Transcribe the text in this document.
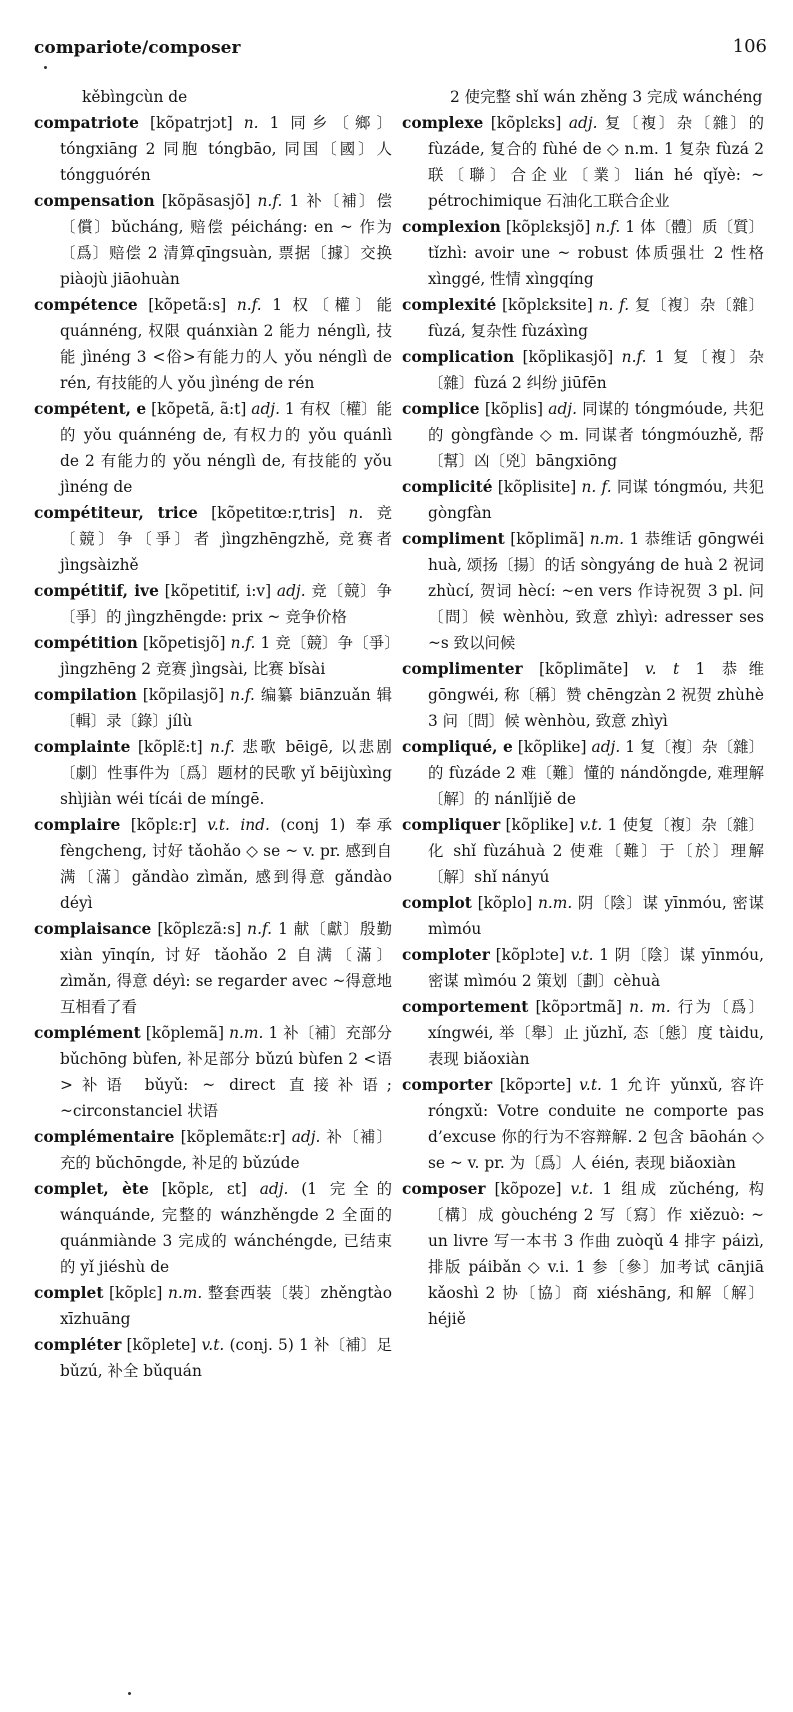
compariote/composer	106

kěbìngcùn de

compatriote [kõpatrjɔt] n. 1 同乡〔鄉〕tóngxiāng 2 同胞 tóngbāo, 同国〔國〕人 tóngguórén

compensation [kõpãsasjõ] n.f. 1 补〔補〕偿〔償〕bǔcháng, 赔偿 péicháng: en ~ 作为〔爲〕赔偿 2 清算qīngsuàn, 票据〔據〕交换 piàojù jiāohuàn

compétence [kõpetã:s] n.f. 1 权〔權〕能 quánnéng, 权限 quánxiàn 2 能力 nénglì, 技能 jìnéng 3 <俗>有能力的人 yǒu nénglì de rén, 有技能的人 yǒu jìnéng de rén

compétent, e [kõpetã, ã:t] adj. 1 有权〔權〕能的 yǒu quánnéng de, 有权力的 yǒu quánlì de 2 有能力的 yǒu nénglì de, 有技能的 yǒu jìnéng de

compétiteur, trice [kõpetitœ:r,tris] n. 竞〔競〕争〔爭〕者 jìngzhēngzhě, 竞赛者 jìngsàizhě

compétitif, ive [kõpetitif, i:v] adj. 竞〔競〕争〔爭〕的 jìngzhēngde: prix ~ 竞争价格

compétition [kõpetisjõ] n.f. 1 竞〔競〕争〔爭〕jìngzhēng 2 竞赛 jìngsài, 比赛 bǐsài

compilation [kõpilasjõ] n.f. 编纂 biānzuǎn 辑〔輯〕录〔錄〕jílù

complainte [kõplɛ̃:t] n.f. 悲歌 bēigē, 以悲剧〔劇〕性事件为〔爲〕题材的民歌 yǐ bēijùxìng shìjiàn wéi tícái de míngē.

complaire [kõplɛ:r] v.t. ind. (conj 1) 奉承 fèngcheng, 讨好 tǎohǎo ◇ se ~ v. pr. 感到自满〔滿〕gǎndào zìmǎn, 感到得意 gǎndào déyì

complaisance [kõplɛzã:s] n.f. 1 献〔獻〕殷勤 xiàn yīnqín, 讨好 tǎohǎo 2 自满〔滿〕zìmǎn, 得意 déyì: se regarder avec ~得意地互相看了看

complément [kõplemã] n.m. 1 补〔補〕充部分 bǔchōng bùfen, 补足部分 bǔzú bùfen 2 <语>补语 bǔyǔ: ~ direct 直接补语; ~circonstanciel 状语

complémentaire [kõplemãtɛ:r] adj. 补〔補〕充的 bǔchōngde, 补足的 bǔzúde

complet, ète [kõplɛ, ɛt] adj. (1 完全的 wánquánde, 完整的 wánzhěngde 2 全面的 quánmiànde 3 完成的 wánchéngde, 已结束的 yǐ jiéshù de

complet [kõplɛ] n.m. 整套西装〔裝〕zhěngtào xīzhuāng

compléter [kõplete] v.t. (conj. 5) 1 补〔補〕足 bǔzú, 补全 bǔquán

2 使完整 shǐ wán zhěng 3 完成 wánchéng

complexe [kõplɛks] adj. 复〔複〕杂〔雜〕的 fùzáde, 复合的 fùhé de ◇ n.m. 1 复杂 fùzá 2 联〔聯〕合企业〔業〕lián hé qǐyè: ~ pétrochimique 石油化工联合企业

complexion [kõplɛksjõ] n.f. 1 体〔體〕质〔質〕tǐzhì: avoir une ~ robust 体质强壮 2 性格 xìnggé, 性情 xìngqíng

complexité [kõplɛksite] n. f. 复〔複〕杂〔雜〕fùzá, 复杂性 fùzáxìng

complication [kõplikasjõ] n.f. 1 复〔複〕杂〔雜〕fùzá 2 纠纷 jiūfēn

complice [kõplis] adj. 同谋的 tóngmóude, 共犯的 gòngfànde ◇ m. 同谋者 tóngmóuzhě, 帮〔幫〕凶〔兇〕bāngxiōng

complicité [kõplisite] n. f. 同谋 tóngmóu, 共犯 gòngfàn

compliment [kõplimã] n.m. 1 恭维话 gōngwéi huà, 颂扬〔揚〕的话 sòngyáng de huà 2 祝词 zhùcí, 贺词 hècí: ~en vers 作诗祝贺 3 pl. 问〔問〕候 wènhòu, 致意 zhìyì: adresser ses ~s 致以问候

complimenter [kõplimãte] v. t 1 恭维 gōngwéi, 称〔稱〕赞 chēngzàn 2 祝贺 zhùhè 3 问〔問〕候 wènhòu, 致意 zhìyì

compliqué, e [kõplike] adj. 1 复〔複〕杂〔雜〕的 fùzáde 2 难〔難〕懂的 nándǒngde, 难理解〔解〕的 nánlǐjiě de

compliquer [kõplike] v.t. 1 使复〔複〕杂〔雜〕化 shǐ fùzáhuà 2 使难〔難〕于〔於〕理解〔解〕shǐ nányú

complot [kõplo] n.m. 阴〔陰〕谋 yīnmóu, 密谋 mìmóu

comploter [kõplɔte] v.t. 1 阴〔陰〕谋 yīnmóu, 密谋 mìmóu 2 策划〔劃〕cèhuà

comportement [kõpɔrtmã] n. m. 行为〔爲〕xíngwéi, 举〔舉〕止 jǔzhǐ, 态〔態〕度 tàidu, 表现 biǎoxiàn

comporter [kõpɔrte] v.t. 1 允许 yǔnxǔ, 容许 róngxǔ: Votre conduite ne comporte pas d’excuse 你的行为不容辩解. 2 包含 bāohán ◇ se ~ v. pr. 为〔爲〕人 éién, 表现 biǎoxiàn

composer [kõpoze] v.t. 1 组成 zǔchéng, 构〔構〕成 gòuchéng 2 写〔寫〕作 xiězuò: ~ un livre 写一本书 3 作曲 zuòqǔ 4 排字 páizì, 排版 páibǎn ◇ v.i. 1 参〔參〕加考试 cānjiā kǎoshì 2 协〔協〕商 xiéshāng, 和解〔解〕héjiě
